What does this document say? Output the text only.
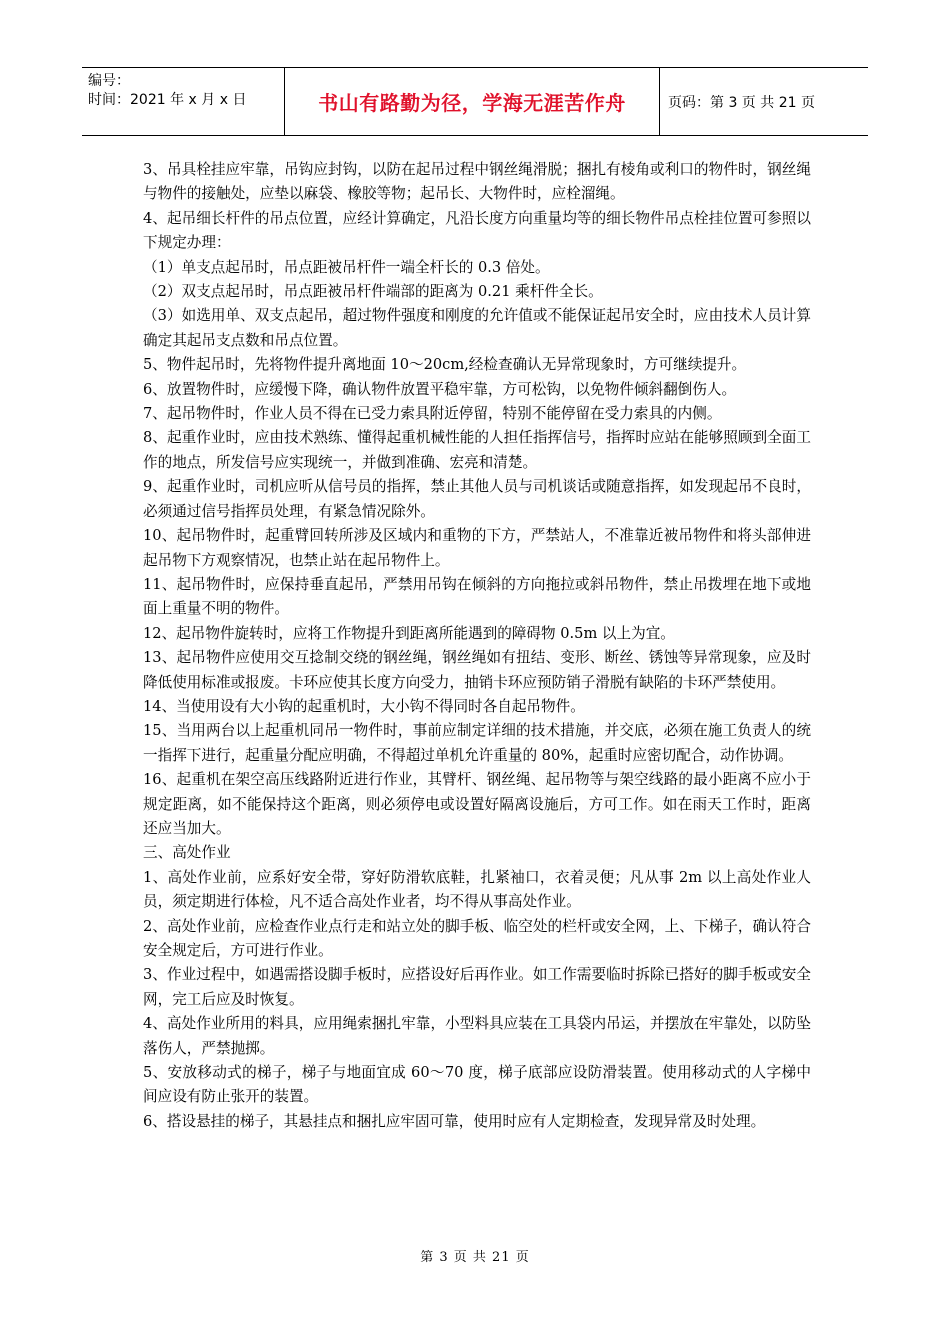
编号：
时间：2021 年 x 月 x 日	书山有路勤为径，学海无涯苦作舟	页码：第 3 页 共 21 页

3、吊具栓挂应牢靠，吊钩应封钩，以防在起吊过程中钢丝绳滑脱；捆扎有棱角或利口的物件时，钢丝绳与物件的接触处，应垫以麻袋、橡胶等物；起吊长、大物件时，应栓溜绳。

4、起吊细长杆件的吊点位置，应经计算确定，凡沿长度方向重量均等的细长物件吊点栓挂位置可参照以下规定办理：

（1）单支点起吊时，吊点距被吊杆件一端全杆长的 0.3 倍处。

（2）双支点起吊时，吊点距被吊杆件端部的距离为 0.21 乘杆件全长。

（3）如选用单、双支点起吊，超过物件强度和刚度的允许值或不能保证起吊安全时，应由技术人员计算确定其起吊支点数和吊点位置。

5、物件起吊时，先将物件提升离地面 10～20cm,经检查确认无异常现象时，方可继续提升。

6、放置物件时，应缓慢下降，确认物件放置平稳牢靠，方可松钩，以免物件倾斜翻倒伤人。

7、起吊物件时，作业人员不得在已受力索具附近停留，特别不能停留在受力索具的内侧。

8、起重作业时，应由技术熟练、懂得起重机械性能的人担任指挥信号，指挥时应站在能够照顾到全面工作的地点，所发信号应实现统一，并做到准确、宏亮和清楚。

9、起重作业时，司机应听从信号员的指挥，禁止其他人员与司机谈话或随意指挥，如发现起吊不良时，必须通过信号指挥员处理，有紧急情况除外。

10、起吊物件时，起重臂回转所涉及区域内和重物的下方，严禁站人，不准靠近被吊物件和将头部伸进起吊物下方观察情况，也禁止站在起吊物件上。

11、起吊物件时，应保持垂直起吊，严禁用吊钩在倾斜的方向拖拉或斜吊物件，禁止吊拨埋在地下或地面上重量不明的物件。

12、起吊物件旋转时，应将工作物提升到距离所能遇到的障碍物 0.5m 以上为宜。

13、起吊物件应使用交互捻制交绕的钢丝绳，钢丝绳如有扭结、变形、断丝、锈蚀等异常现象，应及时降低使用标准或报废。卡环应使其长度方向受力，抽销卡环应预防销子滑脱有缺陷的卡环严禁使用。

14、当使用设有大小钩的起重机时，大小钩不得同时各自起吊物件。

15、当用两台以上起重机同吊一物件时，事前应制定详细的技术措施，并交底，必须在施工负责人的统一指挥下进行，起重量分配应明确，不得超过单机允许重量的 80%，起重时应密切配合，动作协调。

16、起重机在架空高压线路附近进行作业，其臂杆、钢丝绳、起吊物等与架空线路的最小距离不应小于规定距离，如不能保持这个距离，则必须停电或设置好隔离设施后，方可工作。如在雨天工作时，距离还应当加大。

三、高处作业

1、高处作业前，应系好安全带，穿好防滑软底鞋，扎紧袖口，衣着灵便；凡从事 2m 以上高处作业人员，须定期进行体检，凡不适合高处作业者，均不得从事高处作业。

2、高处作业前，应检查作业点行走和站立处的脚手板、临空处的栏杆或安全网，上、下梯子，确认符合安全规定后，方可进行作业。

3、作业过程中，如遇需搭设脚手板时，应搭设好后再作业。如工作需要临时拆除已搭好的脚手板或安全网，完工后应及时恢复。

4、高处作业所用的料具，应用绳索捆扎牢靠，小型料具应装在工具袋内吊运，并摆放在牢靠处，以防坠落伤人，严禁抛掷。

5、安放移动式的梯子，梯子与地面宜成 60～70 度，梯子底部应设防滑装置。使用移动式的人字梯中间应设有防止张开的装置。

6、搭设悬挂的梯子，其悬挂点和捆扎应牢固可靠，使用时应有人定期检查，发现异常及时处理。

第 3 页 共 21 页
